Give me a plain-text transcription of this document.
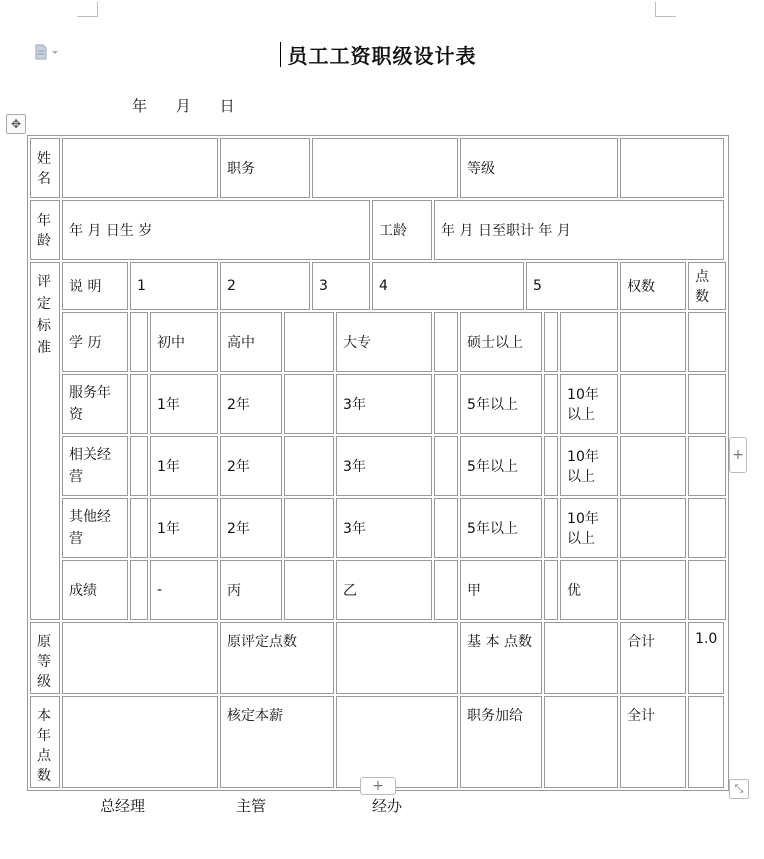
员工工资职级设计表
年 月 日
✥
姓名				职务						等级					
年龄	年 月 日生 岁							工龄	年 月 日至职计 年 月						
评定标准	说 明	1		2		3		4			5			权数	点数
	学 历		初中	高中			大专			硕士以上					
	服务年资		1年	2年			3年			5年以上			10年以上		
	相关经营		1年	2年			3年			5年以上			10年以上		
	其他经营		1年	2年			3年			5年以上			10年以上		
	成绩		-	丙			乙			甲			优		
原 等级				原评定点数						基 本 点数				合计	1.0
本 年点数				核定本薪						职务加给				全计	
+
+	⤡
总经理	主管	经办
